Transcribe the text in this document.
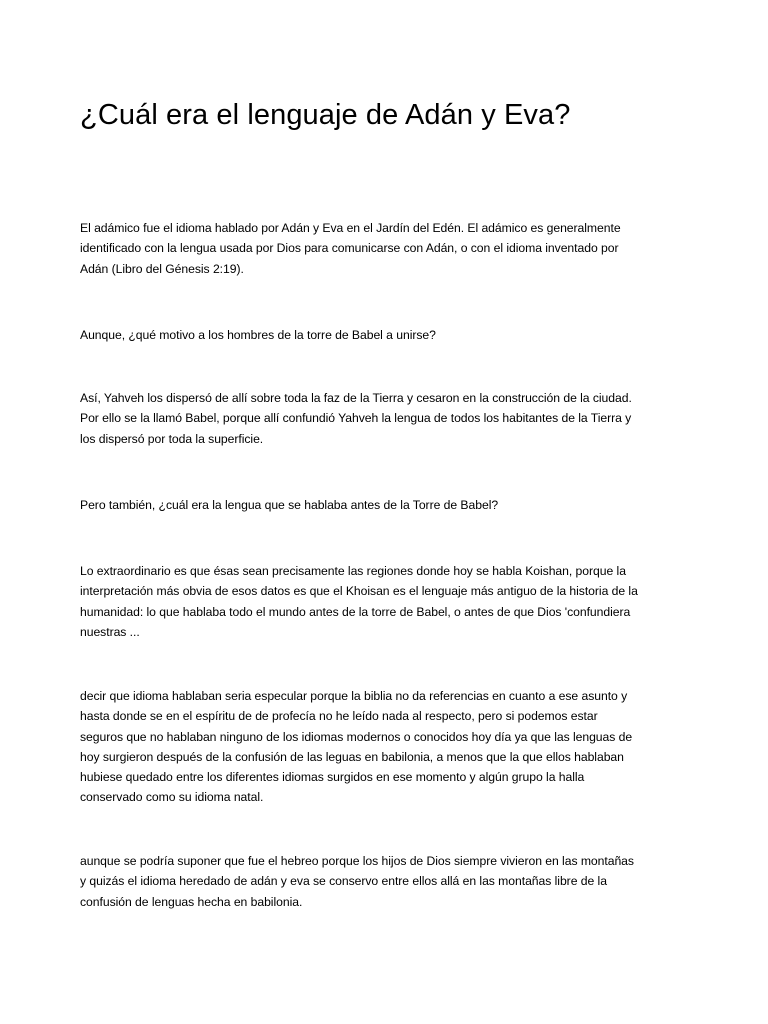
¿Cuál era el lenguaje de Adán y Eva?

El adámico fue el idioma hablado por Adán y Eva en el Jardín del Edén. El adámico es generalmente
identificado con la lengua usada por Dios para comunicarse con Adán, o con el idioma inventado por
Adán (Libro del Génesis 2:19).

Aunque, ¿qué motivo a los hombres de la torre de Babel a unirse?

Así, Yahveh los dispersó de allí sobre toda la faz de la Tierra y cesaron en la construcción de la ciudad.
Por ello se la llamó Babel, porque allí confundió Yahveh la lengua de todos los habitantes de la Tierra y
los dispersó por toda la superficie.

Pero también, ¿cuál era la lengua que se hablaba antes de la Torre de Babel?

Lo extraordinario es que ésas sean precisamente las regiones donde hoy se habla Koishan, porque la
interpretación más obvia de esos datos es que el Khoisan es el lenguaje más antiguo de la historia de la
humanidad: lo que hablaba todo el mundo antes de la torre de Babel, o antes de que Dios 'confundiera
nuestras ...

decir que idioma hablaban seria especular porque la biblia no da referencias en cuanto a ese asunto y
hasta donde se en el espíritu de de profecía no he leído nada al respecto, pero si podemos estar
seguros que no hablaban ninguno de los idiomas modernos o conocidos hoy día ya que las lenguas de
hoy surgieron después de la confusión de las leguas en babilonia, a menos que la que ellos hablaban
hubiese quedado entre los diferentes idiomas surgidos en ese momento y algún grupo la halla
conservado como su idioma natal.

aunque se podría suponer que fue el hebreo porque los hijos de Dios siempre vivieron en las montañas
y quizás el idioma heredado de adán y eva se conservo entre ellos allá en las montañas libre de la
confusión de lenguas hecha en babilonia.
